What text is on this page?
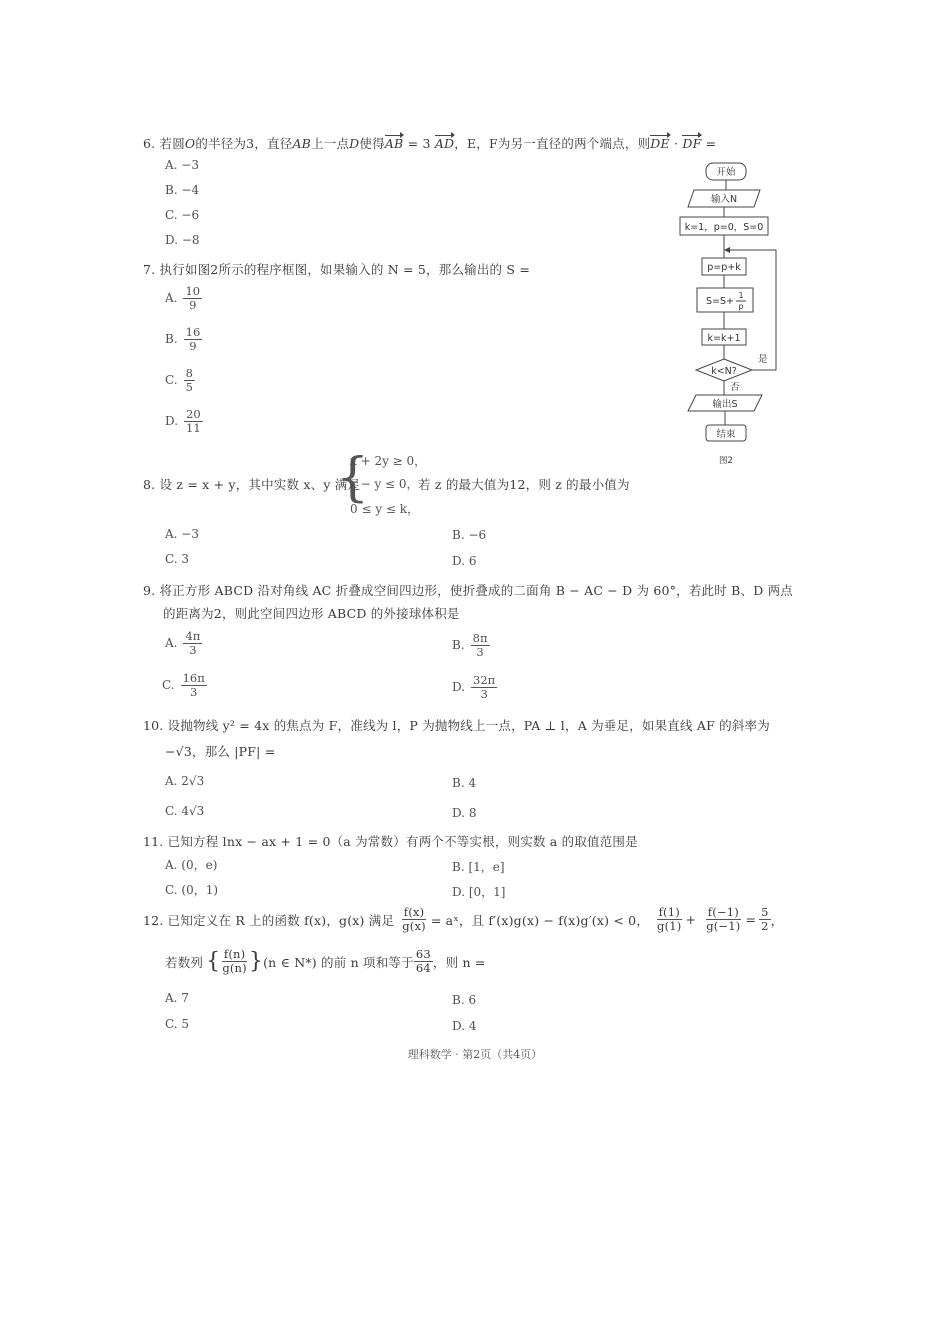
6. 若圆O的半径为3，直径AB上一点D使得AB = 3 AD，E，F为另一直径的两个端点，则DE · DF =
A. −3
B. −4
C. −6
D. −8
7. 执行如图2所示的程序框图，如果输入的 N = 5，那么输出的 S =
A. $\frac{10}{9}$
B. $\frac{16}{9}$
C. $\frac{8}{5}$
D. $\frac{20}{11}$
开始
输入N
k=1，p=0，S=0
p=p+k
S=S+
1
p
k=k+1
k<N?
是
否
输出S
结束
图2
8. 设 z = x + y，其中实数 x、y 满足
{
x + 2y ≥ 0，
x − y ≤ 0，
0 ≤ y ≤ k，
若 z 的最大值为12，则 z 的最小值为
A. −3	B. −6
C. 3	D. 6
9. 将正方形 ABCD 沿对角线 AC 折叠成空间四边形，使折叠成的二面角 B − AC − D 为 60°，若此时 B、D 两点
的距离为2，则此空间四边形 ABCD 的外接球体积是
A. $\frac{4\pi}{3}$	B. $\frac{8\pi}{3}$
C. $\frac{16\pi}{3}$	D. $\frac{32\pi}{3}$
10. 设抛物线 y² = 4x 的焦点为 F，准线为 l，P 为抛物线上一点，PA ⊥ l，A 为垂足，如果直线 AF 的斜率为
−√3，那么 |PF| =
A. 2√3	B. 4
C. 4√3	D. 8
11. 已知方程 lnx − ax + 1 = 0（a 为常数）有两个不等实根，则实数 a 的取值范围是
A. (0，e)	B. [1，e]
C. (0，1)	D. [0，1]
12. 已知定义在 R 上的函数 f(x)，g(x) 满足 $\frac{f(x)}{g(x)}$ = aˣ，且 f′(x)g(x) − f(x)g′(x) < 0， $\frac{f(1)}{g(1)} + \frac{f(-1)}{g(-1)} = \frac{5}{2}$ ，
若数列 { $\frac{f(n)}{g(n)}$ } (n ∈ N*) 的前 n 项和等于 $\frac{63}{64}$ ，则 n =
A. 7	B. 6
C. 5	D. 4
理科数学 · 第2页（共4页）
